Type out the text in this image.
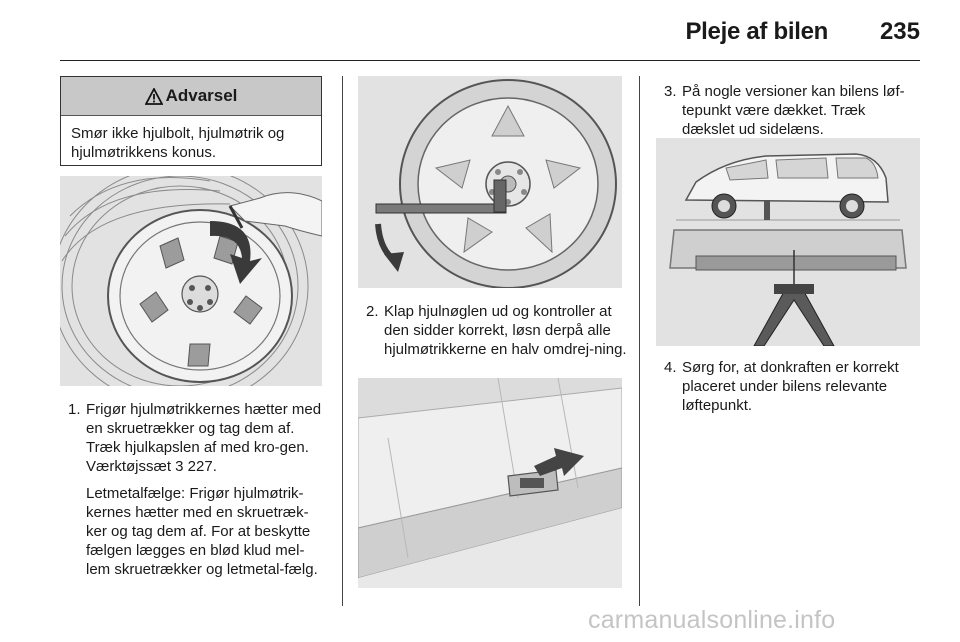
Pleje af bilen 235
Advarsel
Smør ikke hjulbolt, hjulmøtrik og hjulmøtrikkens konus.
1. Frigør hjulmøtrikkernes hætter med en skruetrækker og tag dem af. Træk hjulkapslen af med kro-gen. Værktøjssæt 3 227.
Letmetalfælge: Frigør hjulmøtrik-kernes hætter med en skruetræk-ker og tag dem af. For at beskytte fælgen lægges en blød klud mel-lem skruetrækker og letmetal-fælg.
2. Klap hjulnøglen ud og kontroller at den sidder korrekt, løsn derpå alle hjulmøtrikkerne en halv omdrej-ning.
3. På nogle versioner kan bilens løf-tepunkt være dækket. Træk dækslet ud sidelæns.
4. Sørg for, at donkraften er korrekt placeret under bilens relevante løftepunkt.
carmanualsonline.info
